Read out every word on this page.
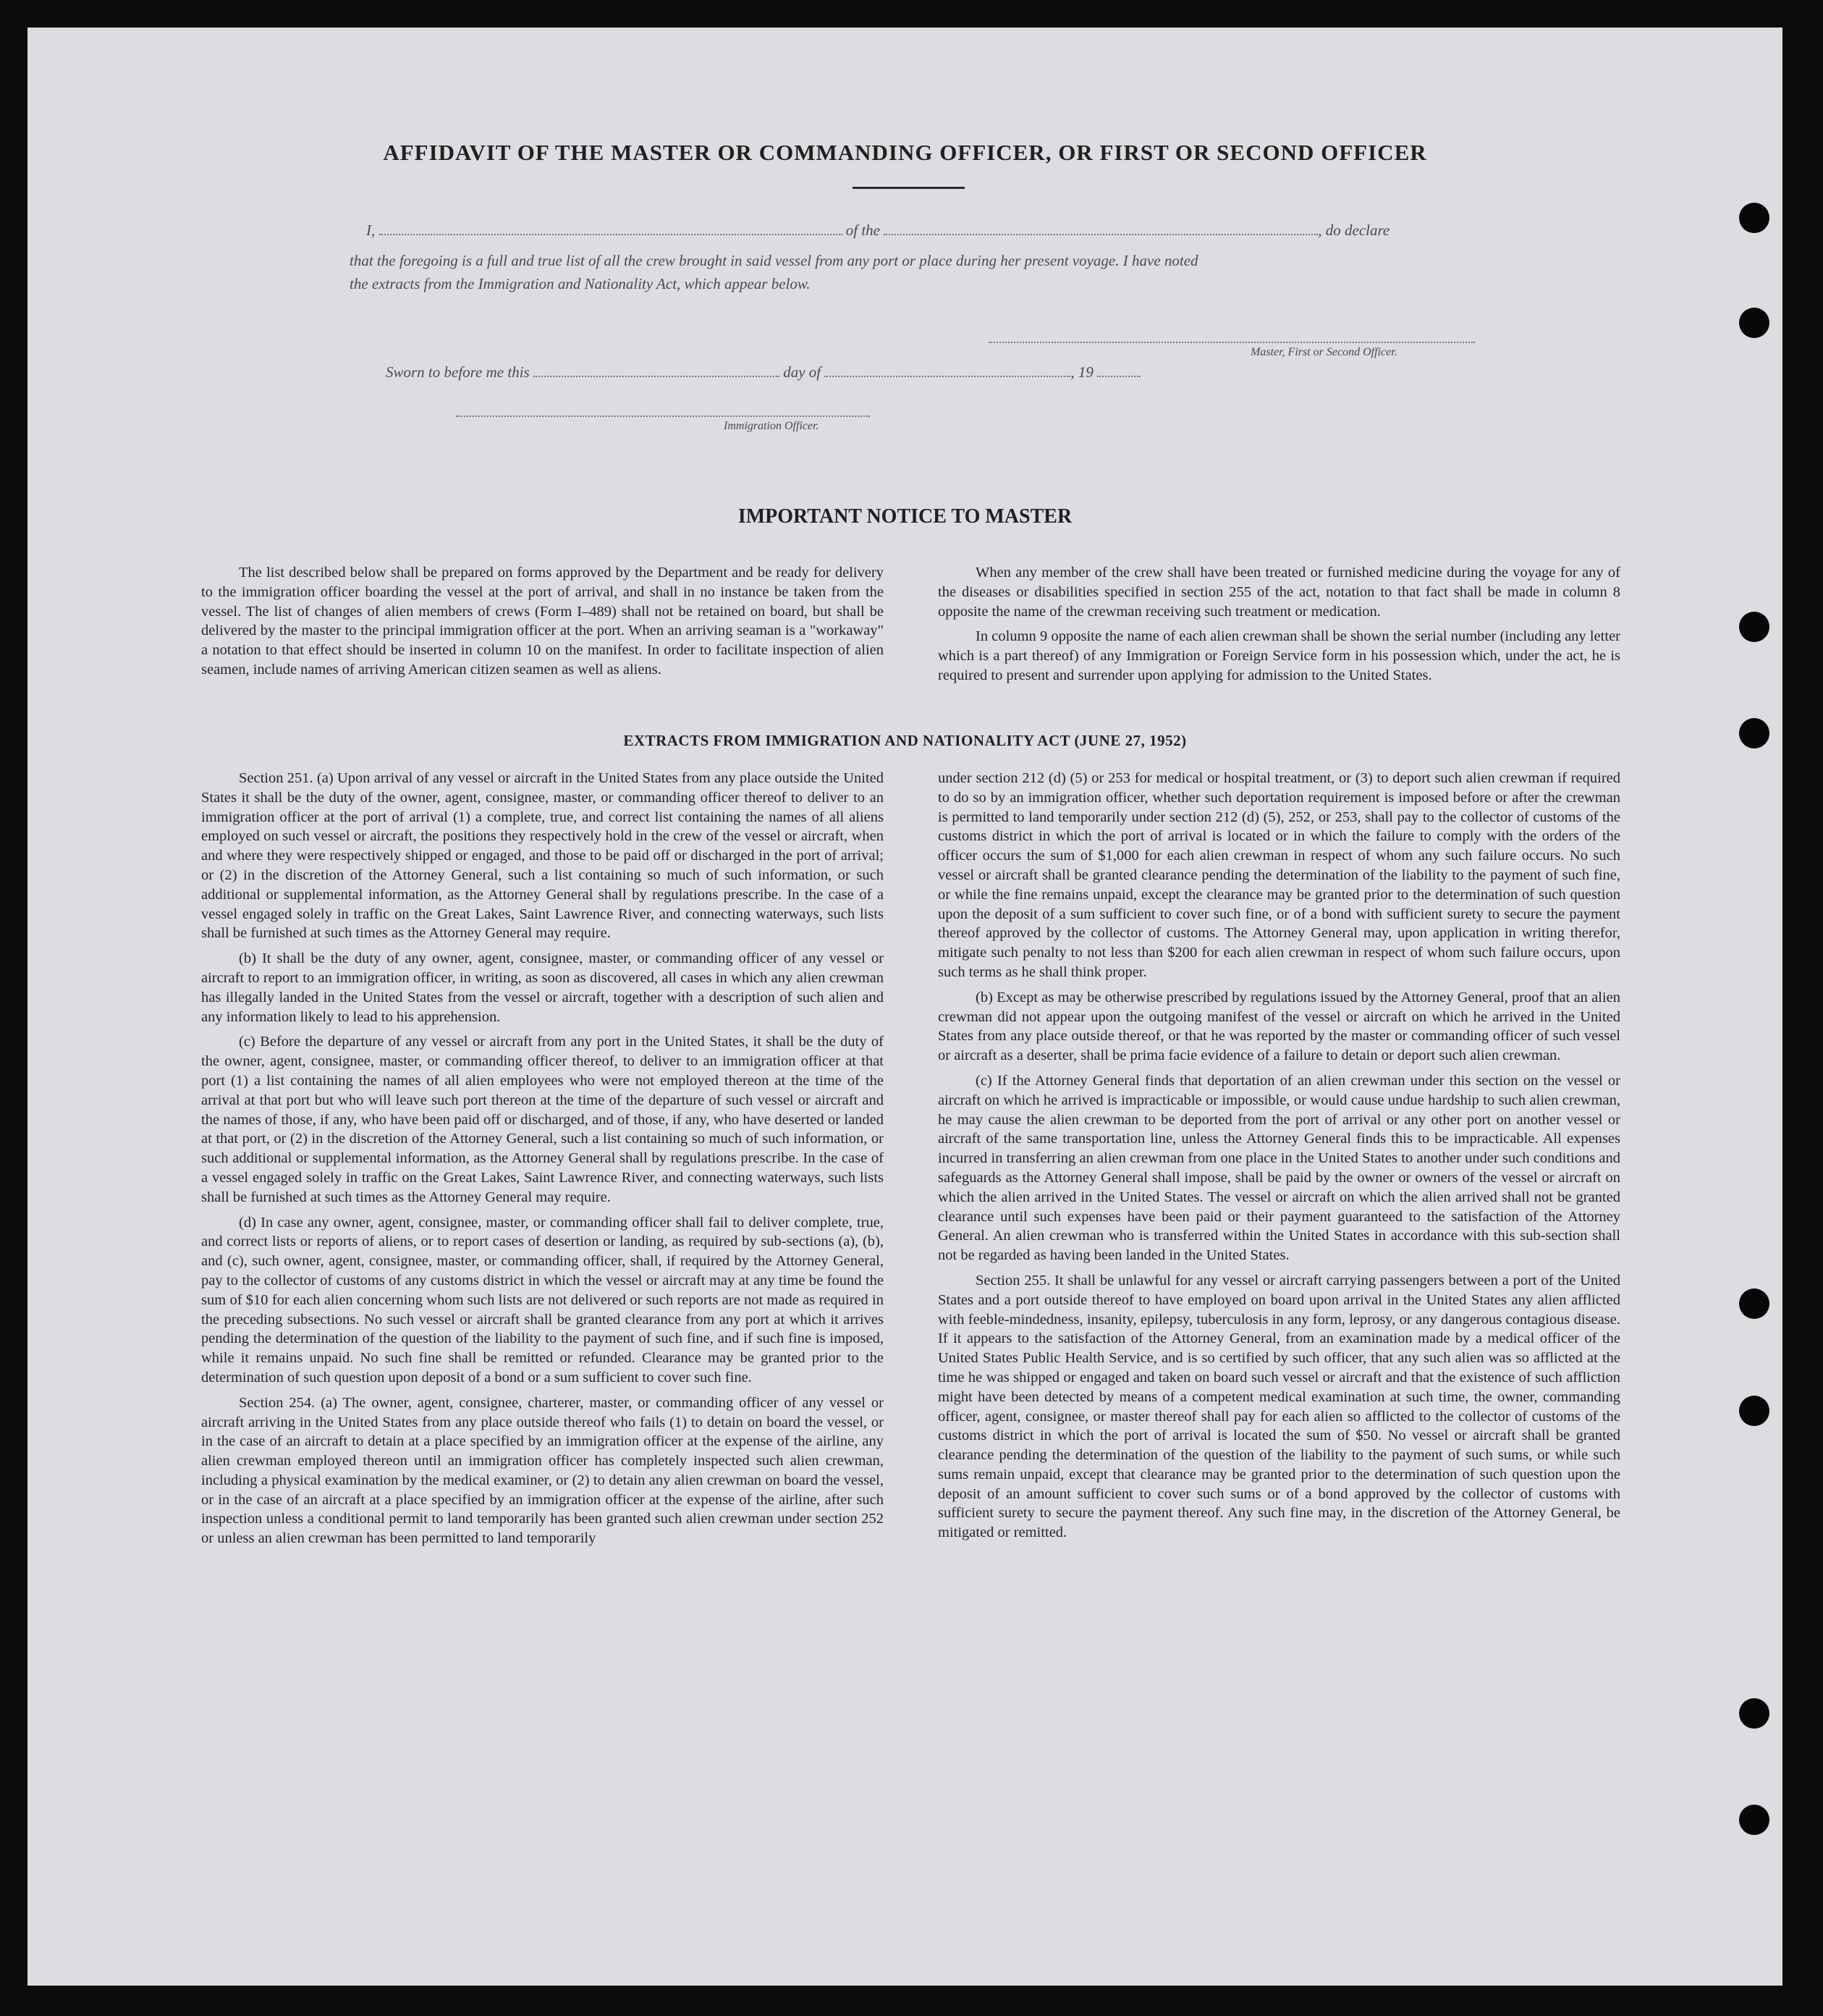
AFFIDAVIT OF THE MASTER OR COMMANDING OFFICER, OR FIRST OR SECOND OFFICER
I,	of the	, do declare
that the foregoing is a full and true list of all the crew brought in said vessel from any port or place during her present voyage. I have noted
the extracts from the Immigration and Nationality Act, which appear below.
Master, First or Second Officer.
Sworn to before me this	day of	, 19
Immigration Officer.
IMPORTANT NOTICE TO MASTER

The list described below shall be prepared on forms approved by the Department and be ready for delivery to the immigration officer boarding the vessel at the port of arrival, and shall in no instance be taken from the vessel. The list of changes of alien members of crews (Form I–489) shall not be retained on board, but shall be delivered by the master to the principal immigration officer at the port. When an arriving seaman is a "workaway" a notation to that effect should be inserted in column 10 on the manifest. In order to facilitate inspection of alien seamen, include names of arriving American citizen seamen as well as aliens.

When any member of the crew shall have been treated or furnished medicine during the voyage for any of the diseases or disabilities specified in section 255 of the act, notation to that fact shall be made in column 8 opposite the name of the crewman receiving such treatment or medication.

In column 9 opposite the name of each alien crewman shall be shown the serial number (including any letter which is a part thereof) of any Immigration or Foreign Service form in his possession which, under the act, he is required to present and surrender upon applying for admission to the United States.

EXTRACTS FROM IMMIGRATION AND NATIONALITY ACT (JUNE 27, 1952)

Section 251. (a) Upon arrival of any vessel or aircraft in the United States from any place outside the United States it shall be the duty of the owner, agent, consignee, master, or commanding officer thereof to deliver to an immigration officer at the port of arrival (1) a complete, true, and correct list containing the names of all aliens employed on such vessel or aircraft, the positions they respectively hold in the crew of the vessel or aircraft, when and where they were respectively shipped or engaged, and those to be paid off or discharged in the port of arrival; or (2) in the discretion of the Attorney General, such a list containing so much of such information, or such additional or supplemental information, as the Attorney General shall by regulations prescribe. In the case of a vessel engaged solely in traffic on the Great Lakes, Saint Lawrence River, and connecting waterways, such lists shall be furnished at such times as the Attorney General may require.

(b) It shall be the duty of any owner, agent, consignee, master, or commanding officer of any vessel or aircraft to report to an immigration officer, in writing, as soon as discovered, all cases in which any alien crewman has illegally landed in the United States from the vessel or aircraft, together with a description of such alien and any information likely to lead to his apprehension.

(c) Before the departure of any vessel or aircraft from any port in the United States, it shall be the duty of the owner, agent, consignee, master, or commanding officer thereof, to deliver to an immigration officer at that port (1) a list containing the names of all alien employees who were not employed thereon at the time of the arrival at that port but who will leave such port thereon at the time of the departure of such vessel or aircraft and the names of those, if any, who have been paid off or discharged, and of those, if any, who have deserted or landed at that port, or (2) in the discretion of the Attorney General, such a list containing so much of such information, or such additional or supplemental information, as the Attorney General shall by regulations prescribe. In the case of a vessel engaged solely in traffic on the Great Lakes, Saint Lawrence River, and connecting waterways, such lists shall be furnished at such times as the Attorney General may require.

(d) In case any owner, agent, consignee, master, or commanding officer shall fail to deliver complete, true, and correct lists or reports of aliens, or to report cases of desertion or landing, as required by sub-sections (a), (b), and (c), such owner, agent, consignee, master, or commanding officer, shall, if required by the Attorney General, pay to the collector of customs of any customs district in which the vessel or aircraft may at any time be found the sum of $10 for each alien concerning whom such lists are not delivered or such reports are not made as required in the preceding subsections. No such vessel or aircraft shall be granted clearance from any port at which it arrives pending the determination of the question of the liability to the payment of such fine, and if such fine is imposed, while it remains unpaid. No such fine shall be remitted or refunded. Clearance may be granted prior to the determination of such question upon deposit of a bond or a sum sufficient to cover such fine.

Section 254. (a) The owner, agent, consignee, charterer, master, or commanding officer of any vessel or aircraft arriving in the United States from any place outside thereof who fails (1) to detain on board the vessel, or in the case of an aircraft to detain at a place specified by an immigration officer at the expense of the airline, any alien crewman employed thereon until an immigration officer has completely inspected such alien crewman, including a physical examination by the medical examiner, or (2) to detain any alien crewman on board the vessel, or in the case of an aircraft at a place specified by an immigration officer at the expense of the airline, after such inspection unless a conditional permit to land temporarily has been granted such alien crewman under section 252 or unless an alien crewman has been permitted to land temporarily

under section 212 (d) (5) or 253 for medical or hospital treatment, or (3) to deport such alien crewman if required to do so by an immigration officer, whether such deportation requirement is imposed before or after the crewman is permitted to land temporarily under section 212 (d) (5), 252, or 253, shall pay to the collector of customs of the customs district in which the port of arrival is located or in which the failure to comply with the orders of the officer occurs the sum of $1,000 for each alien crewman in respect of whom any such failure occurs. No such vessel or aircraft shall be granted clearance pending the determination of the liability to the payment of such fine, or while the fine remains unpaid, except the clearance may be granted prior to the determination of such question upon the deposit of a sum sufficient to cover such fine, or of a bond with sufficient surety to secure the payment thereof approved by the collector of customs. The Attorney General may, upon application in writing therefor, mitigate such penalty to not less than $200 for each alien crewman in respect of whom such failure occurs, upon such terms as he shall think proper.

(b) Except as may be otherwise prescribed by regulations issued by the Attorney General, proof that an alien crewman did not appear upon the outgoing manifest of the vessel or aircraft on which he arrived in the United States from any place outside thereof, or that he was reported by the master or commanding officer of such vessel or aircraft as a deserter, shall be prima facie evidence of a failure to detain or deport such alien crewman.

(c) If the Attorney General finds that deportation of an alien crewman under this section on the vessel or aircraft on which he arrived is impracticable or impossible, or would cause undue hardship to such alien crewman, he may cause the alien crewman to be deported from the port of arrival or any other port on another vessel or aircraft of the same transportation line, unless the Attorney General finds this to be impracticable. All expenses incurred in transferring an alien crewman from one place in the United States to another under such conditions and safeguards as the Attorney General shall impose, shall be paid by the owner or owners of the vessel or aircraft on which the alien arrived in the United States. The vessel or aircraft on which the alien arrived shall not be granted clearance until such expenses have been paid or their payment guaranteed to the satisfaction of the Attorney General. An alien crewman who is transferred within the United States in accordance with this sub-section shall not be regarded as having been landed in the United States.

Section 255. It shall be unlawful for any vessel or aircraft carrying passengers between a port of the United States and a port outside thereof to have employed on board upon arrival in the United States any alien afflicted with feeble-mindedness, insanity, epilepsy, tuberculosis in any form, leprosy, or any dangerous contagious disease. If it appears to the satisfaction of the Attorney General, from an examination made by a medical officer of the United States Public Health Service, and is so certified by such officer, that any such alien was so afflicted at the time he was shipped or engaged and taken on board such vessel or aircraft and that the existence of such affliction might have been detected by means of a competent medical examination at such time, the owner, commanding officer, agent, consignee, or master thereof shall pay for each alien so afflicted to the collector of customs of the customs district in which the port of arrival is located the sum of $50. No vessel or aircraft shall be granted clearance pending the determination of the question of the liability to the payment of such sums, or while such sums remain unpaid, except that clearance may be granted prior to the determination of such question upon the deposit of an amount sufficient to cover such sums or of a bond approved by the collector of customs with sufficient surety to secure the payment thereof. Any such fine may, in the discretion of the Attorney General, be mitigated or remitted.
